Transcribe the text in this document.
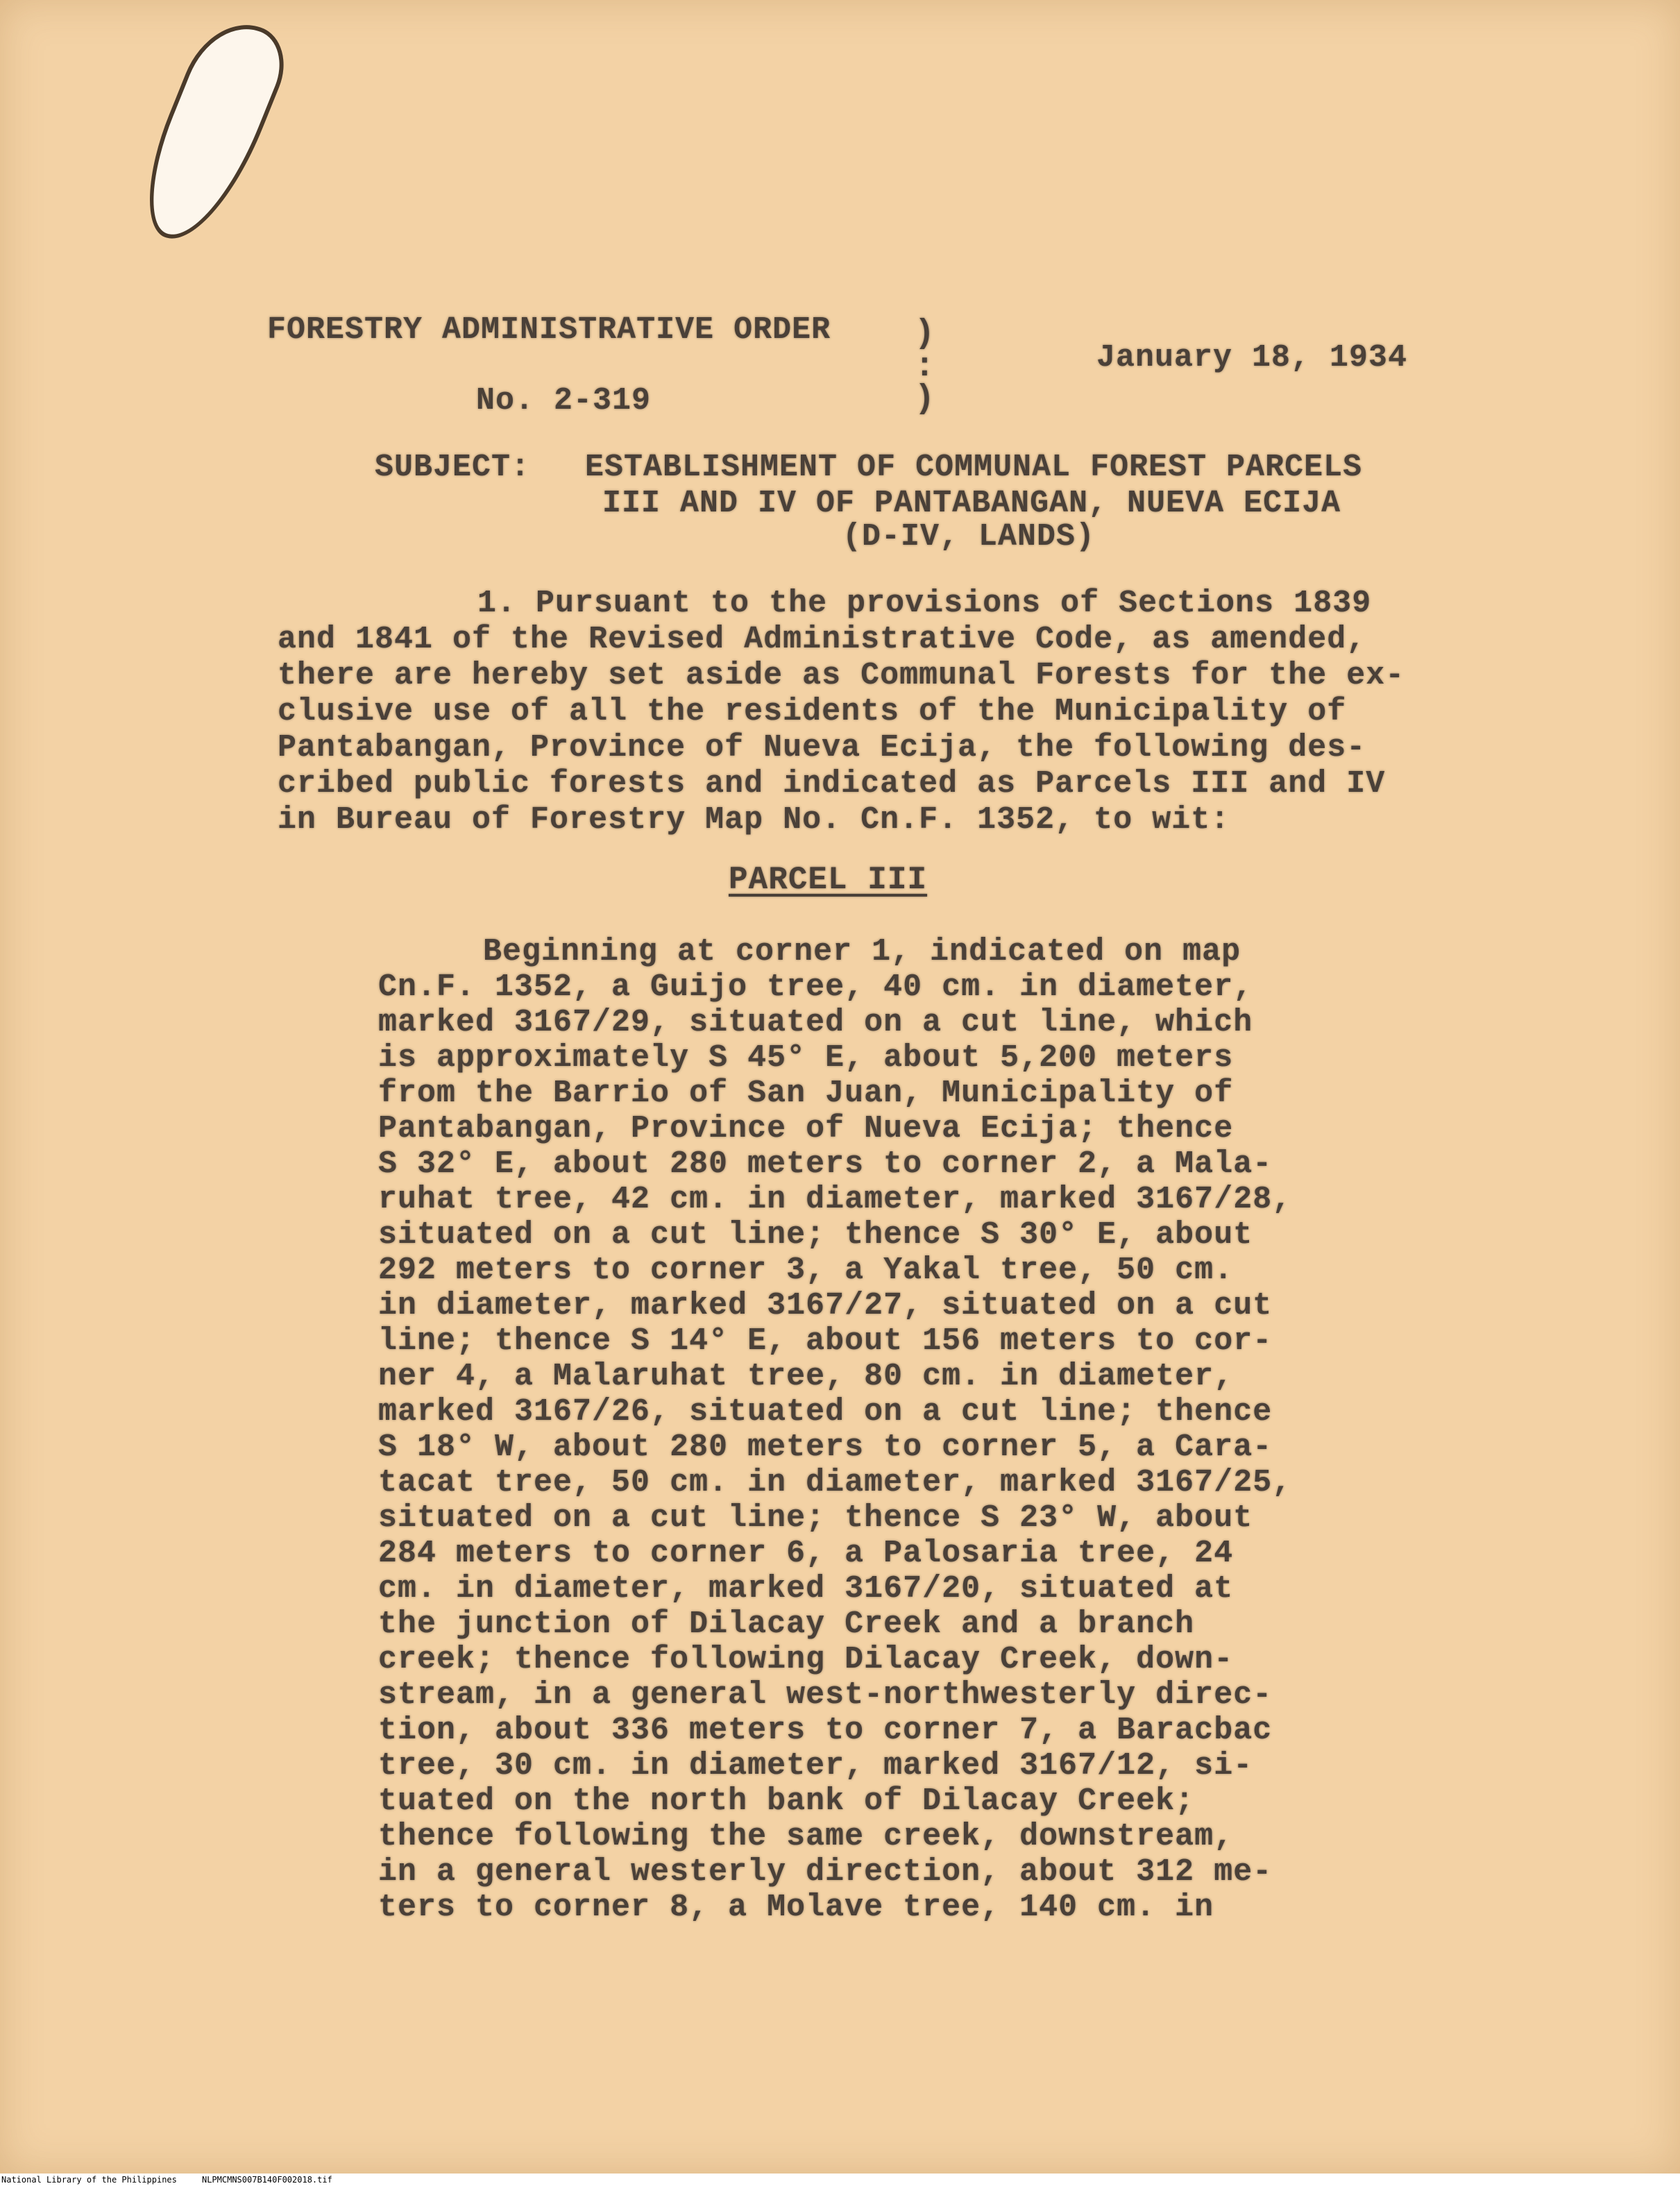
FORESTRY ADMINISTRATIVE ORDER
No. 2-319
January 18, 1934
)
:
)
SUBJECT: ESTABLISHMENT OF COMMUNAL FOREST PARCELS
III AND IV OF PANTABANGAN, NUEVA ECIJA
(D-IV, LANDS)
1. Pursuant to the provisions of Sections 1839
and 1841 of the Revised Administrative Code, as amended,
there are hereby set aside as Communal Forests for the ex-
clusive use of all the residents of the Municipality of
Pantabangan, Province of Nueva Ecija, the following des-
cribed public forests and indicated as Parcels III and IV
in Bureau of Forestry Map No. Cn.F. 1352, to wit:
PARCEL III
Beginning at corner 1, indicated on map
Cn.F. 1352, a Guijo tree, 40 cm. in diameter,
marked 3167/29, situated on a cut line, which
is approximately S 45° E, about 5,200 meters
from the Barrio of San Juan, Municipality of
Pantabangan, Province of Nueva Ecija; thence
S 32° E, about 280 meters to corner 2, a Mala-
ruhat tree, 42 cm. in diameter, marked 3167/28,
situated on a cut line; thence S 30° E, about
292 meters to corner 3, a Yakal tree, 50 cm.
in diameter, marked 3167/27, situated on a cut
line; thence S 14° E, about 156 meters to cor-
ner 4, a Malaruhat tree, 80 cm. in diameter,
marked 3167/26, situated on a cut line; thence
S 18° W, about 280 meters to corner 5, a Cara-
tacat tree, 50 cm. in diameter, marked 3167/25,
situated on a cut line; thence S 23° W, about
284 meters to corner 6, a Palosaria tree, 24
cm. in diameter, marked 3167/20, situated at
the junction of Dilacay Creek and a branch
creek; thence following Dilacay Creek, down-
stream, in a general west-northwesterly direc-
tion, about 336 meters to corner 7, a Baracbac
tree, 30 cm. in diameter, marked 3167/12, si-
tuated on the north bank of Dilacay Creek;
thence following the same creek, downstream,
in a general westerly direction, about 312 me-
ters to corner 8, a Molave tree, 140 cm. in
National Library of the Philippines     NLPMCMNS007B140F002018.tif
